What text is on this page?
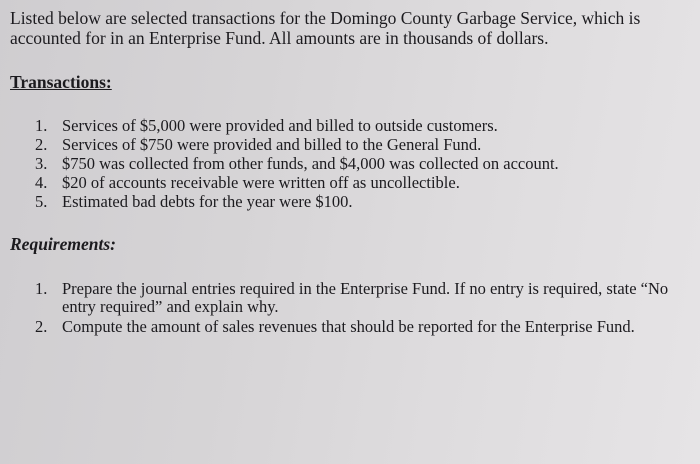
Listed below are selected transactions for the Domingo County Garbage Service, which is accounted for in an Enterprise Fund. All amounts are in thousands of dollars.

Transactions:
1. Services of $5,000 were provided and billed to outside customers.
2. Services of $750 were provided and billed to the General Fund.
3. $750 was collected from other funds, and $4,000 was collected on account.
4. $20 of accounts receivable were written off as uncollectible.
5. Estimated bad debts for the year were $100.
Requirements:
1. Prepare the journal entries required in the Enterprise Fund. If no entry is required, state “No entry required” and explain why.
2. Compute the amount of sales revenues that should be reported for the Enterprise Fund.
